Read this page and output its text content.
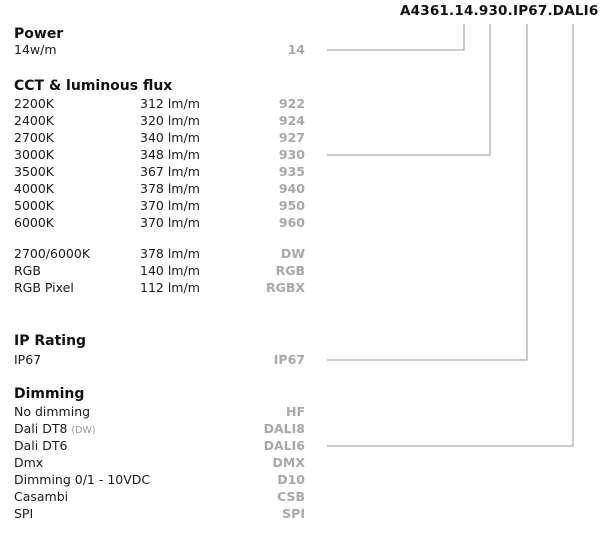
A4361.14.930.IP67.DALI6
Power
14w/m	14
CCT & luminous flux
2200K	312 lm/m	922
2400K	320 lm/m	924
2700K	340 lm/m	927
3000K	348 lm/m	930
3500K	367 lm/m	935
4000K	378 lm/m	940
5000K	370 lm/m	950
6000K	370 lm/m	960
2700/6000K	378 lm/m	DW
RGB	140 lm/m	RGB
RGB Pixel	112 lm/m	RGBX
IP Rating
IP67	IP67
Dimming
No dimming	HF
Dali DT8 (DW)	DALI8
Dali DT6	DALI6
Dmx	DMX
Dimming 0/1 - 10VDC	D10
Casambi	CSB
SPI	SPI
